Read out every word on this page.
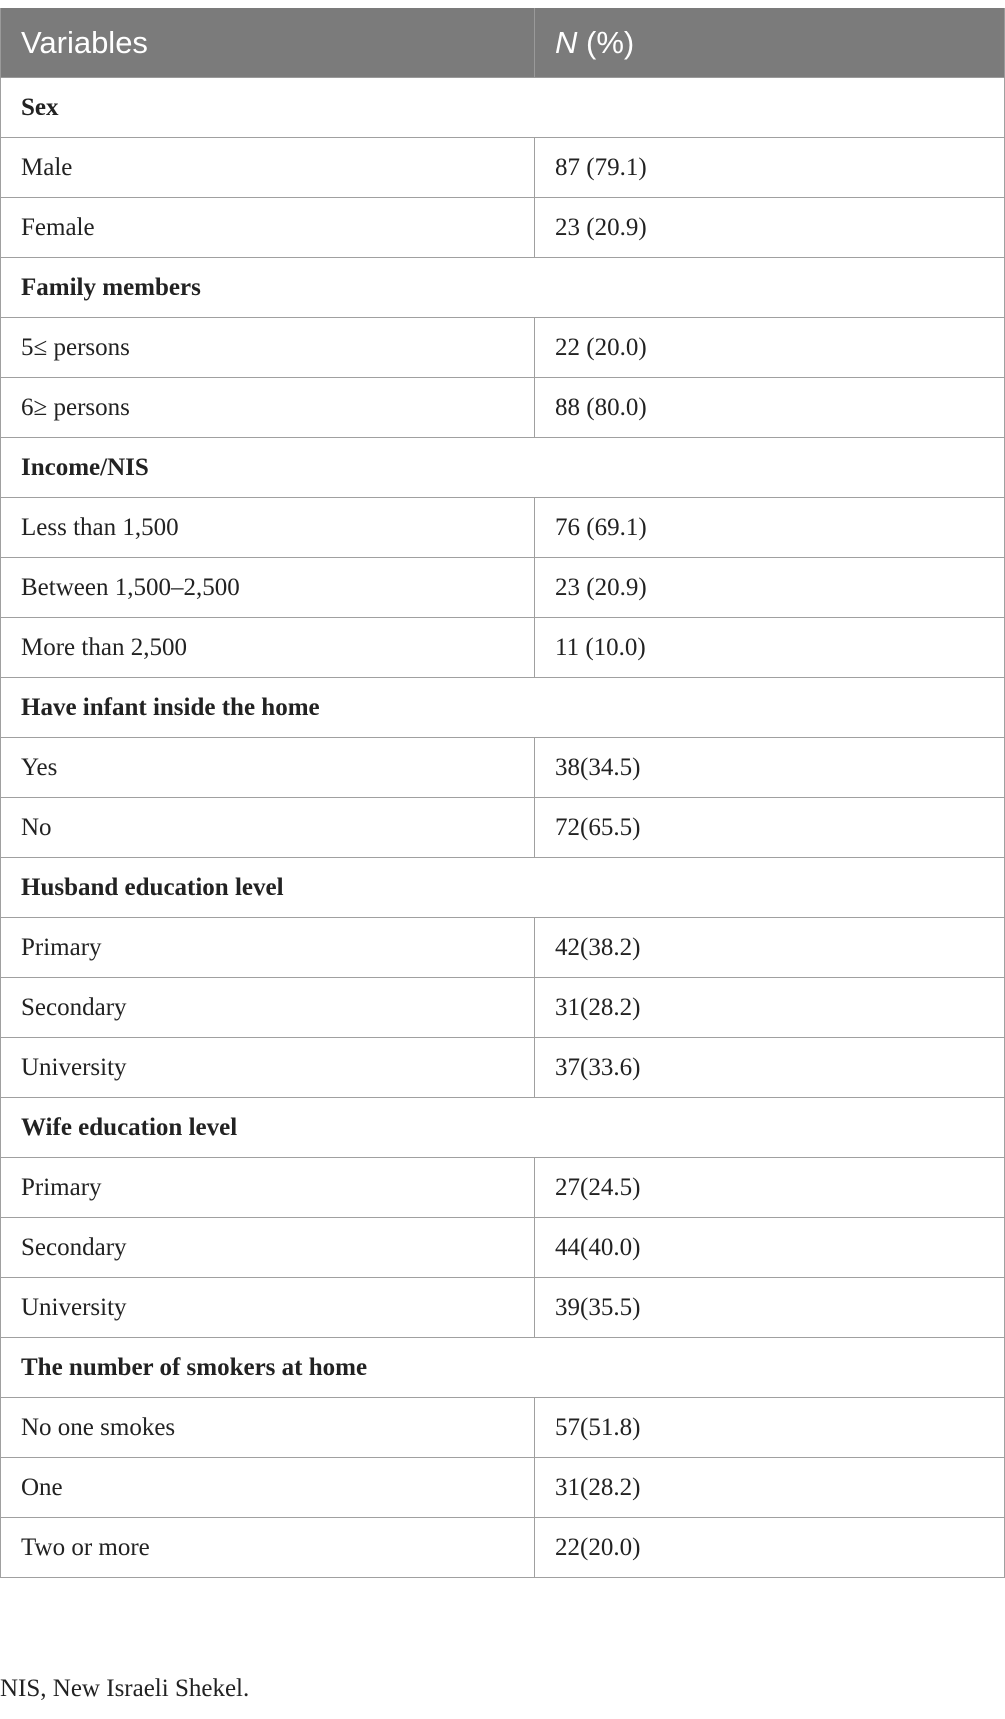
Variables	N (%)
Sex	
Male	87 (79.1)
Female	23 (20.9)
Family members	
5≤ persons	22 (20.0)
6≥ persons	88 (80.0)
Income/NIS	
Less than 1,500	76 (69.1)
Between 1,500–2,500	23 (20.9)
More than 2,500	11 (10.0)
Have infant inside the home	
Yes	38(34.5)
No	72(65.5)
Husband education level	
Primary	42(38.2)
Secondary	31(28.2)
University	37(33.6)
Wife education level	
Primary	27(24.5)
Secondary	44(40.0)
University	39(35.5)
The number of smokers at home	
No one smokes	57(51.8)
One	31(28.2)
Two or more	22(20.0)
NIS, New Israeli Shekel.
